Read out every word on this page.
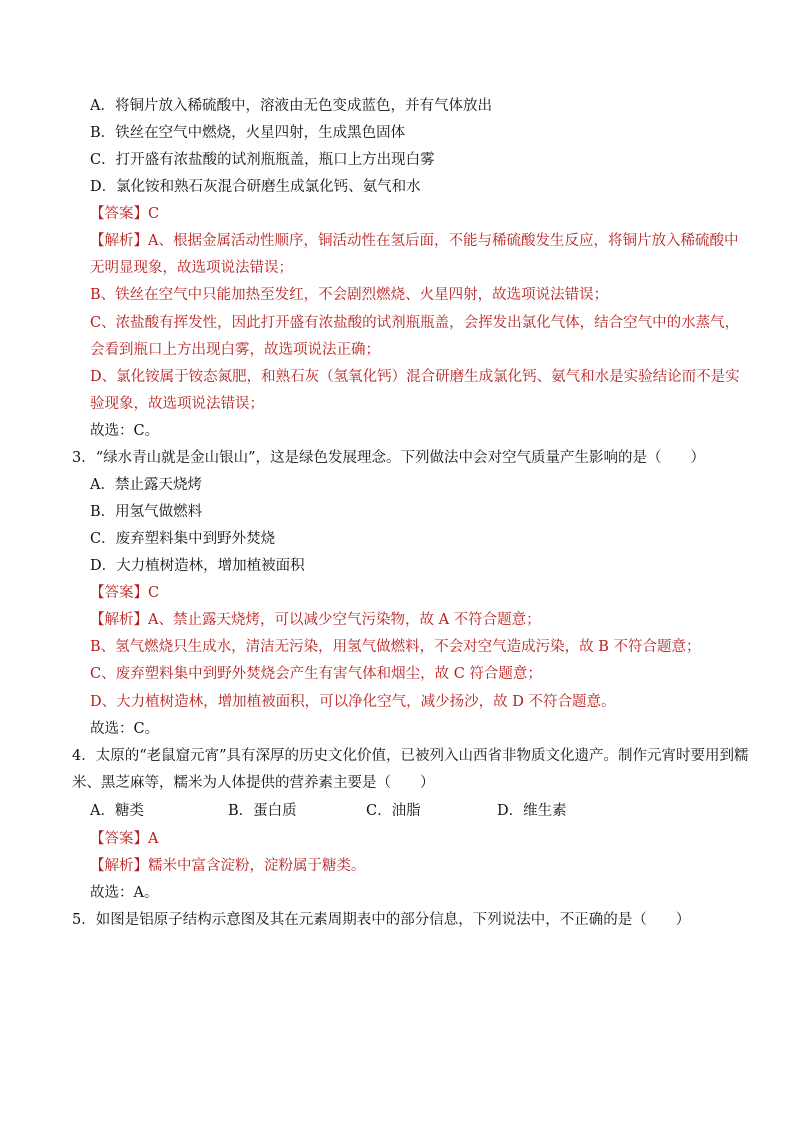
A．将铜片放入稀硫酸中，溶液由无色变成蓝色，并有气体放出
B．铁丝在空气中燃烧，火星四射，生成黑色固体
C．打开盛有浓盐酸的试剂瓶瓶盖，瓶口上方出现白雾
D．氯化铵和熟石灰混合研磨生成氯化钙、氨气和水
【答案】C
【解析】A、根据金属活动性顺序，铜活动性在氢后面，不能与稀硫酸发生反应，将铜片放入稀硫酸中
无明显现象，故选项说法错误；
B、铁丝在空气中只能加热至发红，不会剧烈燃烧、火星四射，故选项说法错误；
C、浓盐酸有挥发性，因此打开盛有浓盐酸的试剂瓶瓶盖，会挥发出氯化气体，结合空气中的水蒸气，
会看到瓶口上方出现白雾，故选项说法正确；
D、氯化铵属于铵态氮肥，和熟石灰（氢氧化钙）混合研磨生成氯化钙、氨气和水是实验结论而不是实
验现象，故选项说法错误；
故选：C。
3．“绿水青山就是金山银山”，这是绿色发展理念。下列做法中会对空气质量产生影响的是（　　）
A．禁止露天烧烤
B．用氢气做燃料
C．废弃塑料集中到野外焚烧
D．大力植树造林，增加植被面积
【答案】C
【解析】A、禁止露天烧烤，可以减少空气污染物，故 A 不符合题意；
B、氢气燃烧只生成水，清洁无污染，用氢气做燃料，不会对空气造成污染，故 B 不符合题意；
C、废弃塑料集中到野外焚烧会产生有害气体和烟尘，故 C 符合题意；
D、大力植树造林，增加植被面积，可以净化空气，减少扬沙，故 D 不符合题意。
故选：C。
4．太原的“老鼠窟元宵”具有深厚的历史文化价值，已被列入山西省非物质文化遗产。制作元宵时要用到糯
米、黑芝麻等，糯米为人体提供的营养素主要是（　　）
A．糖类	B．蛋白质	C．油脂	D．维生素
【答案】A
【解析】糯米中富含淀粉，淀粉属于糖类。
故选：A。
5．如图是铝原子结构示意图及其在元素周期表中的部分信息，下列说法中，不正确的是（　　）
